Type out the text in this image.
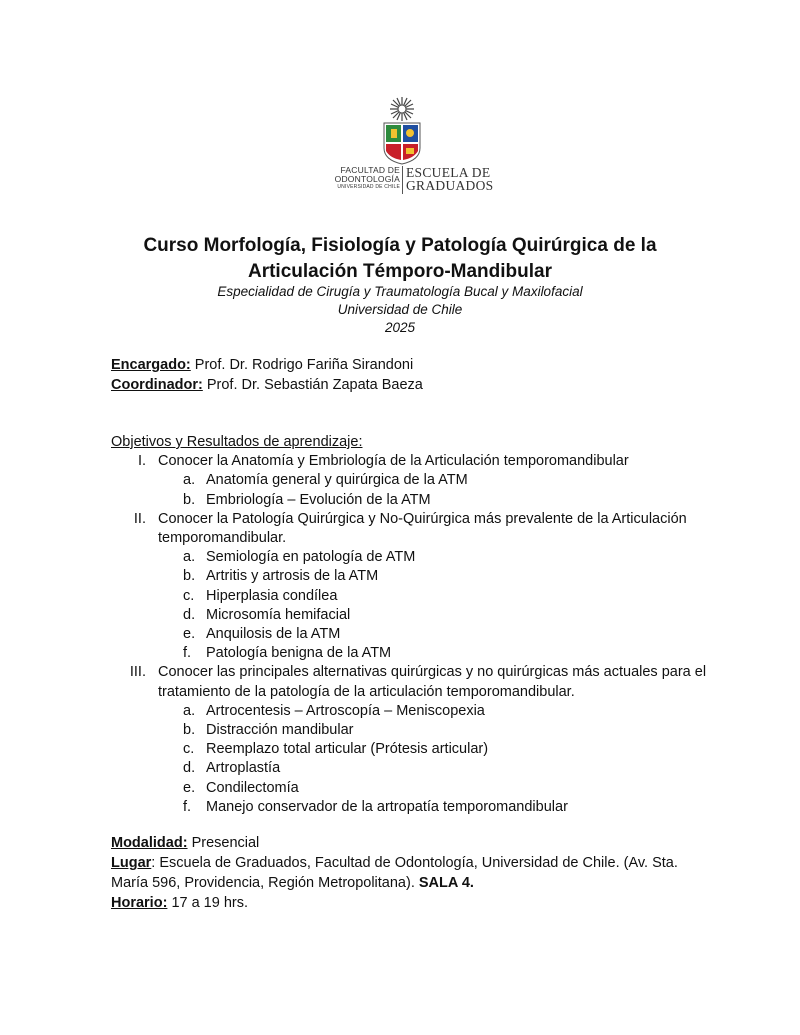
FACULTAD DE
ODONTOLOGÍA
UNIVERSIDAD DE CHILE
ESCUELA DE
GRADUADOS
Curso Morfología, Fisiología y Patología Quirúrgica de la
Articulación Témporo-Mandibular
Especialidad de Cirugía y Traumatología Bucal y Maxilofacial
Universidad de Chile
2025
Encargado: Prof. Dr. Rodrigo Fariña Sirandoni
Coordinador: Prof. Dr. Sebastián Zapata Baeza
Objetivos y Resultados de aprendizaje:
I. Conocer la Anatomía y Embriología de la Articulación temporomandibular
a. Anatomía general y quirúrgica de la ATM
b. Embriología – Evolución de la ATM
II. Conocer la Patología Quirúrgica y No-Quirúrgica más prevalente de la Articulación temporomandibular.
a. Semiología en patología de ATM
b. Artritis y artrosis de la ATM
c. Hiperplasia condílea
d. Microsomía hemifacial
e. Anquilosis de la ATM
f. Patología benigna de la ATM
III. Conocer las principales alternativas quirúrgicas y no quirúrgicas más actuales para el tratamiento de la patología de la articulación temporomandibular.
a. Artrocentesis – Artroscopía – Meniscopexia
b. Distracción mandibular
c. Reemplazo total articular (Prótesis articular)
d. Artroplastía
e. Condilectomía
f. Manejo conservador de la artropatía temporomandibular
Modalidad: Presencial
Lugar: Escuela de Graduados, Facultad de Odontología, Universidad de Chile. (Av. Sta. María 596, Providencia, Región Metropolitana). SALA 4.
Horario: 17 a 19 hrs.
